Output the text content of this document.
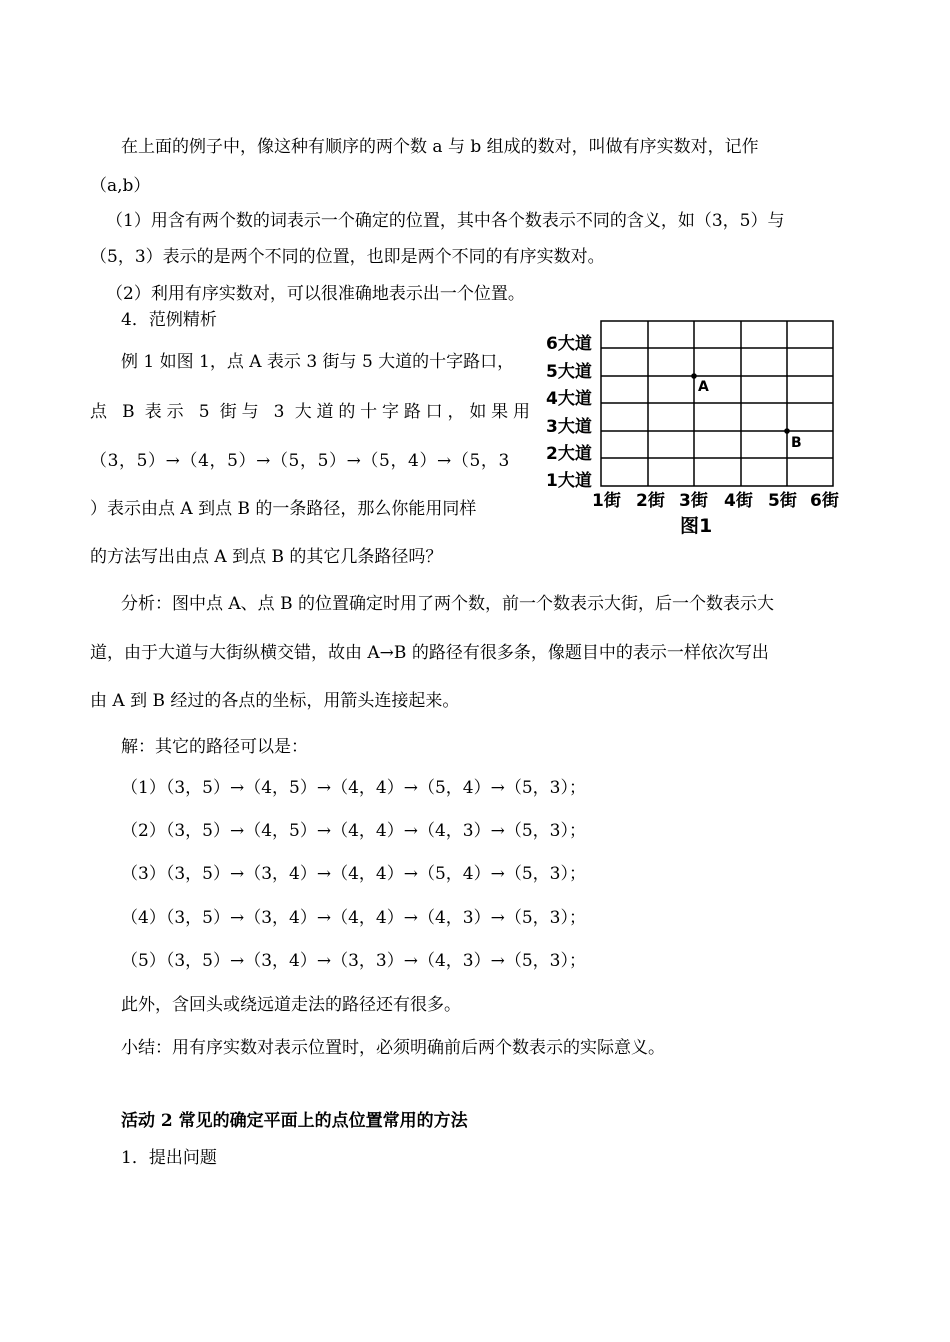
在上面的例子中，像这种有顺序的两个数 a 与 b 组成的数对，叫做有序实数对，记作
（a,b）
（1）用含有两个数的词表示一个确定的位置，其中各个数表示不同的含义，如（3，5）与
（5，3）表示的是两个不同的位置，也即是两个不同的有序实数对。
（2）利用有序实数对，可以很准确地表示出一个位置。
4．范例精析
例 1 如图 1，点 A 表示 3 街与 5 大道的十字路口，
点 B 表示 5 街与 3 大道的十字路口，如果用
（3，5）→（4，5）→（5，5）→（5，4）→（5，3
）表示由点 A 到点 B 的一条路径，那么你能用同样
的方法写出由点 A 到点 B 的其它几条路径吗？
6大道
5大道
4大道
3大道
2大道
1大道
1街 2街 3街 4街 5街 6街
A
B
图1
分析：图中点 A、点 B 的位置确定时用了两个数，前一个数表示大街，后一个数表示大
道，由于大道与大街纵横交错，故由 A→B 的路径有很多条，像题目中的表示一样依次写出
由 A 到 B 经过的各点的坐标，用箭头连接起来。
解：其它的路径可以是：
（1）（3，5）→（4，5）→（4，4）→（5，4）→（5，3）；
（2）（3，5）→（4，5）→（4，4）→（4，3）→（5，3）；
（3）（3，5）→（3，4）→（4，4）→（5，4）→（5，3）；
（4）（3，5）→（3，4）→（4，4）→（4，3）→（5，3）；
（5）（3，5）→（3，4）→（3，3）→（4，3）→（5，3）；
此外，含回头或绕远道走法的路径还有很多。
小结：用有序实数对表示位置时，必须明确前后两个数表示的实际意义。
活动 2 常见的确定平面上的点位置常用的方法
1．提出问题
